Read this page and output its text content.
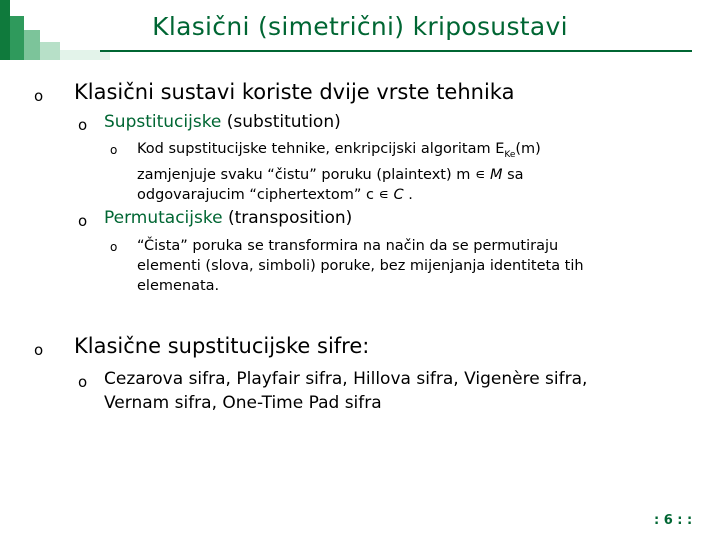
Klasični (simetrični) kriposustavi
o Klasični sustavi koriste dvije vrste tehnika
o Supstitucijske (substitution)
o Kod supstitucijske tehnike, enkripcijski algoritam $E_{Ke}(m)$
zamjenjuje svaku “čistu” poruku (plaintext) m ∊ M sa
odgovarajucim “ciphertextom” c ∊ C .
o Permutacijske (transposition)
o “Čista” poruka se transformira na način da se permutiraju
elementi (slova, simboli) poruke, bez mijenjanja identiteta tih
elemenata.
o Klasične supstitucijske sifre:
o Cezarova sifra, Playfair sifra, Hillova sifra, Vigenère sifra,
Vernam sifra, One-Time Pad sifra
: 6 : :
